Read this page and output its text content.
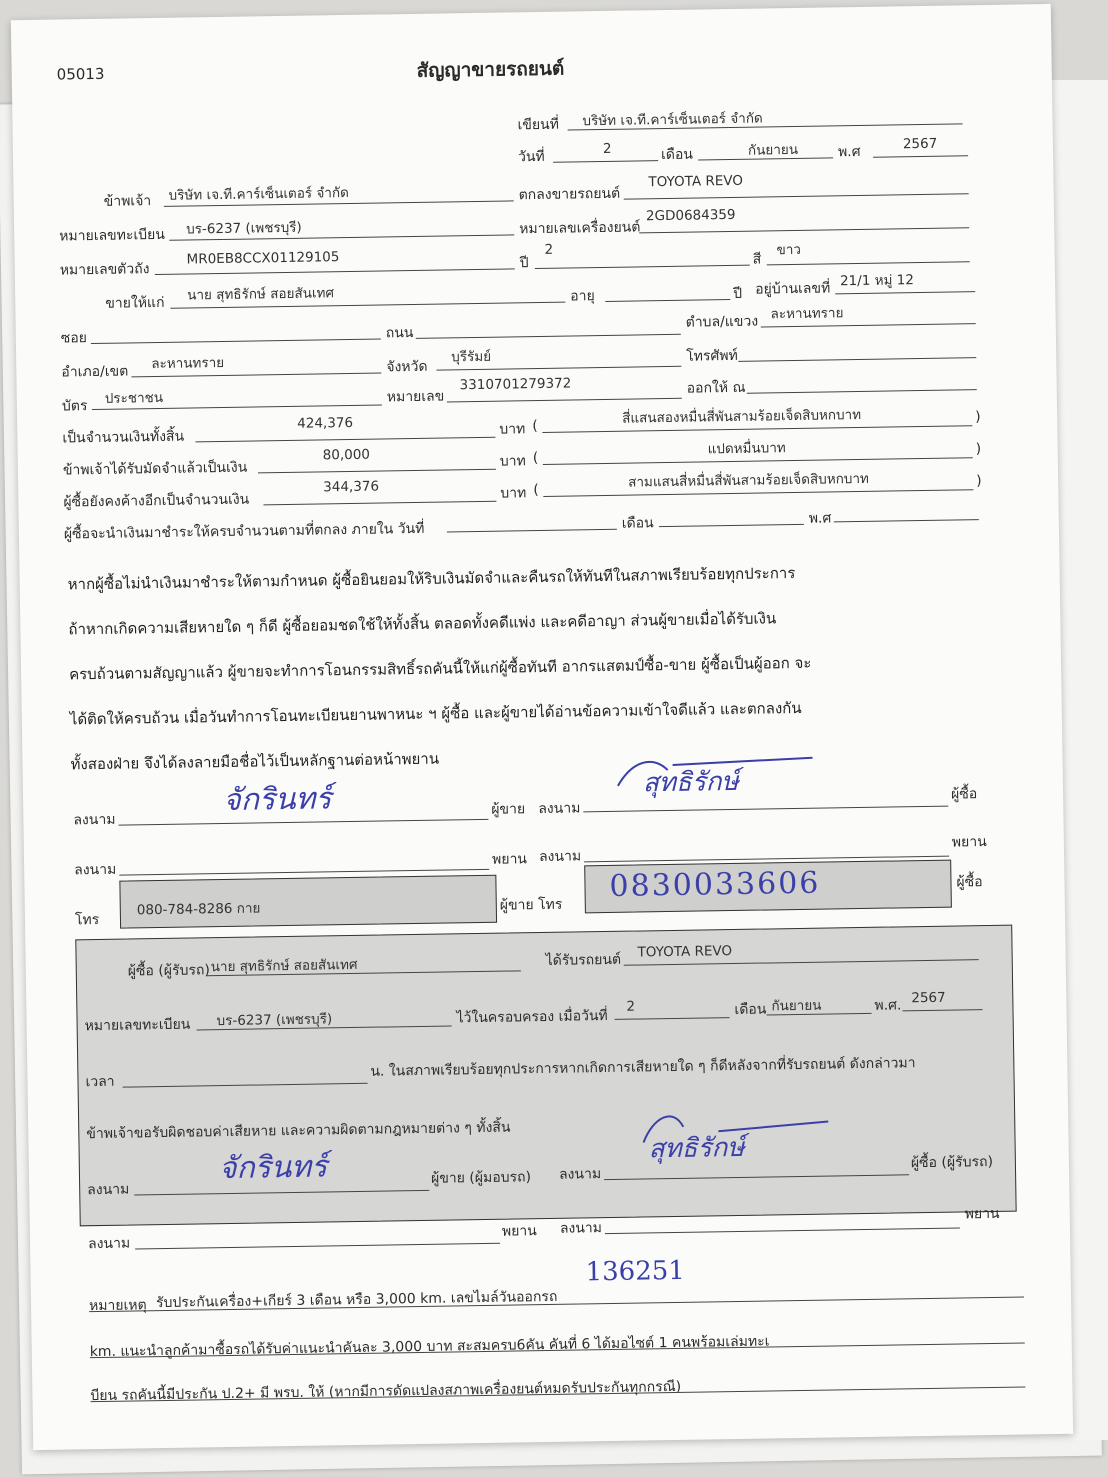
05013	สัญญาขายรถยนต์
เขียนที่ บริษัท เจ.ที.คาร์เซ็นเตอร์ จำกัด
วันที่	2	เดือน	กันยายน	พ.ศ	2567
ข้าพเจ้า บริษัท เจ.ที.คาร์เซ็นเตอร์ จำกัด	ตกลงขายรถยนต์
TOYOTA REVO
หมายเลขทะเบียน บร-6237 (เพชรบุรี)	หมายเลขเครื่องยนต์
2GD0684359
หมายเลขตัวถัง
MR0EB8CCX01129105	ปี
2
สี
ขาว
ขายให้แก่ นาย สุทธิรักษ์ สอยสันเทศ	อายุ	ปี อยู่บ้านเลขที่ 21/1 หมู่ 12
ซอย	ถนน
ตำบล/แขวง ละหานทราย
อำเภอ/เขต ละหานทราย	จังหวัด
บุรีรัมย์	โทรศัพท์
บัตร ประชาชน	หมายเลข
3310701279372	ออกให้ ณ
เป็นจำนวนเงินทั้งสิ้น
424,376	บาท (	สี่แสนสองหมื่นสี่พันสามร้อยเจ็ดสิบหกบาท	)
ข้าพเจ้าได้รับมัดจำแล้วเป็นเงิน
80,000	บาท (
แปดหมื่นบาท	)
ผู้ซื้อยังคงค้างอีกเป็นจำนวนเงิน
344,376	บาท (	สามแสนสี่หมื่นสี่พันสามร้อยเจ็ดสิบหกบาท	)
ผู้ซื้อจะนำเงินมาชำระให้ครบจำนวนตามที่ตกลง ภายใน วันที่	เดือน	พ.ศ
หากผู้ซื้อไม่นำเงินมาชำระให้ตามกำหนด ผู้ซื้อยินยอมให้ริบเงินมัดจำและคืนรถให้ทันทีในสภาพเรียบร้อยทุกประการ
ถ้าหากเกิดความเสียหายใด ๆ ก็ดี ผู้ซื้อยอมชดใช้ให้ทั้งสิ้น ตลอดทั้งคดีแพ่ง และคดีอาญา ส่วนผู้ขายเมื่อได้รับเงิน
ครบถ้วนตามสัญญาแล้ว ผู้ขายจะทำการโอนกรรมสิทธิ์รถคันนี้ให้แก่ผู้ซื้อทันที อากรแสตมป์ซื้อ-ขาย ผู้ซื้อเป็นผู้ออก จะ
ได้ติดให้ครบถ้วน เมื่อวันทำการโอนทะเบียนยานพาหนะ ฯ ผู้ซื้อ และผู้ขายได้อ่านข้อความเข้าใจดีแล้ว และตกลงกัน
ทั้งสองฝ่าย จึงได้ลงลายมือชื่อไว้เป็นหลักฐานต่อหน้าพยาน
ลงนาม
จักรินทร์	ผู้ขาย ลงนาม
สุทธิรักษ์	ผู้ซื้อ
ลงนาม
พยาน ลงนาม
พยาน
โทร
080-784-8286 กาย	ผู้ขาย โทร
0830033606	ผู้ซื้อ
ผู้ซื้อ (ผู้รับรถ) นาย สุทธิรักษ์ สอยสันเทศ	ได้รับรถยนต์ TOYOTA REVO
หมายเลขทะเบียน บร-6237 (เพชรบุรี)	ไว้ในครอบครอง เมื่อวันที่
2	เดือน กันยายน	พ.ศ. 2567
เวลา
น. ในสภาพเรียบร้อยทุกประการหากเกิดการเสียหายใด ๆ ก็ดีหลังจากที่รับรถยนต์ ดังกล่าวมา
ข้าพเจ้าขอรับผิดชอบค่าเสียหาย และความผิดตามกฎหมายต่าง ๆ ทั้งสิ้น
ลงนาม
จักรินทร์	ผู้ขาย (ผู้มอบรถ) ลงนาม
สุทธิรักษ์	ผู้ซื้อ (ผู้รับรถ)
ลงนาม
พยาน ลงนาม
พยาน
หมายเหตุ รับประกันเครื่อง+เกียร์ 3 เดือน หรือ 3,000 km. เลขไมล์วันออกรถ
136251
km. แนะนำลูกค้ามาซื้อรถได้รับค่าแนะนำคันละ 3,000 บาท สะสมครบ6คัน คันที่ 6 ได้มอไซต์ 1 คนพร้อมเล่มทะเ
บียน รถคันนี้มีประกัน ป.2+ มี พรบ. ให้ (หากมีการดัดแปลงสภาพเครื่องยนต์หมดรับประกันทุกกรณี)
